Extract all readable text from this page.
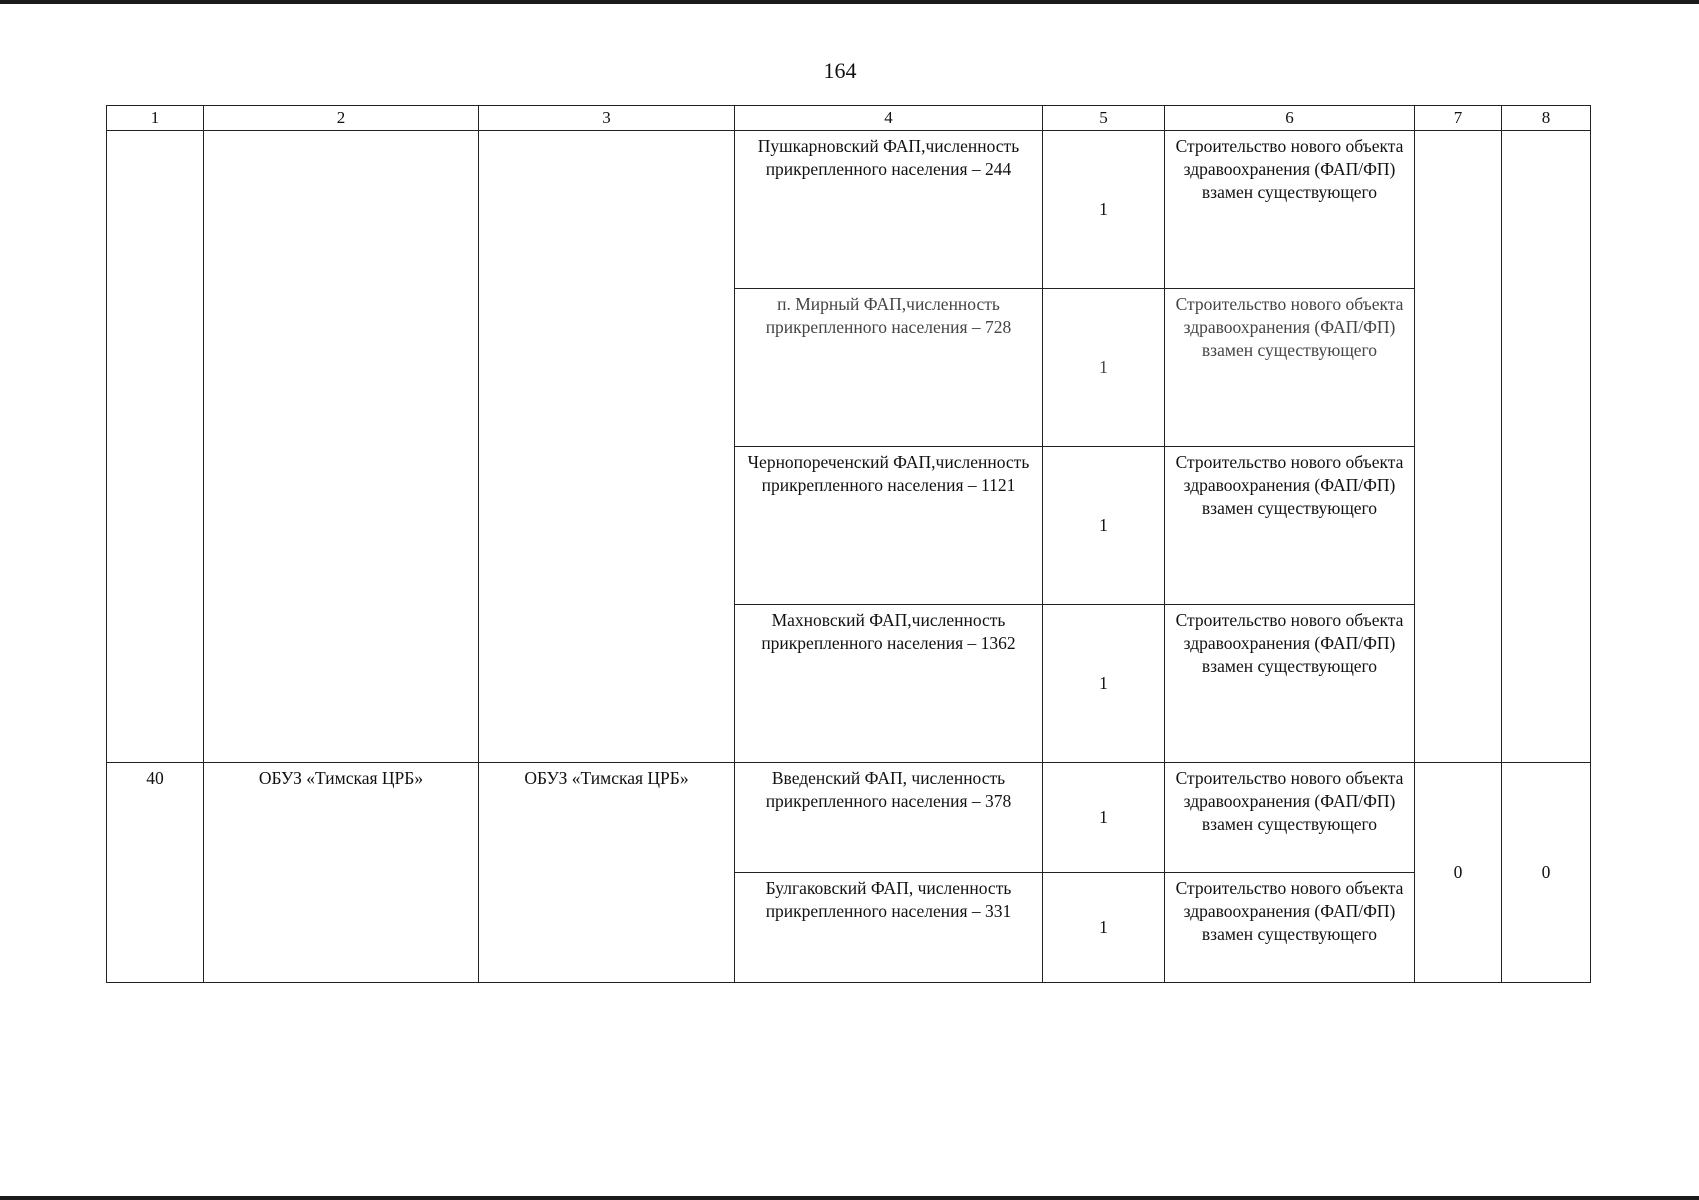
164
1	2	3	4	5	6	7	8
			Пушкарновский ФАП,численность прикрепленного населения – 244	1	Строительство нового объекта здравоохранения (ФАП/ФП) взамен существующего		
			п. Мирный ФАП,численность прикрепленного населения – 728	1	Строительство нового объекта здравоохранения (ФАП/ФП) взамен существующего		
			Чернопореченский ФАП,численность прикрепленного населения – 1121	1	Строительство нового объекта здравоохранения (ФАП/ФП) взамен существующего		
			Махновский ФАП,численность прикрепленного населения – 1362	1	Строительство нового объекта здравоохранения (ФАП/ФП) взамен существующего		
40	ОБУЗ «Тимская ЦРБ»	ОБУЗ «Тимская ЦРБ»	Введенский ФАП, численность прикрепленного населения – 378	1	Строительство нового объекта здравоохранения (ФАП/ФП) взамен существующего	0	0
			Булгаковский ФАП, численность прикрепленного населения – 331	1	Строительство нового объекта здравоохранения (ФАП/ФП) взамен существующего		
